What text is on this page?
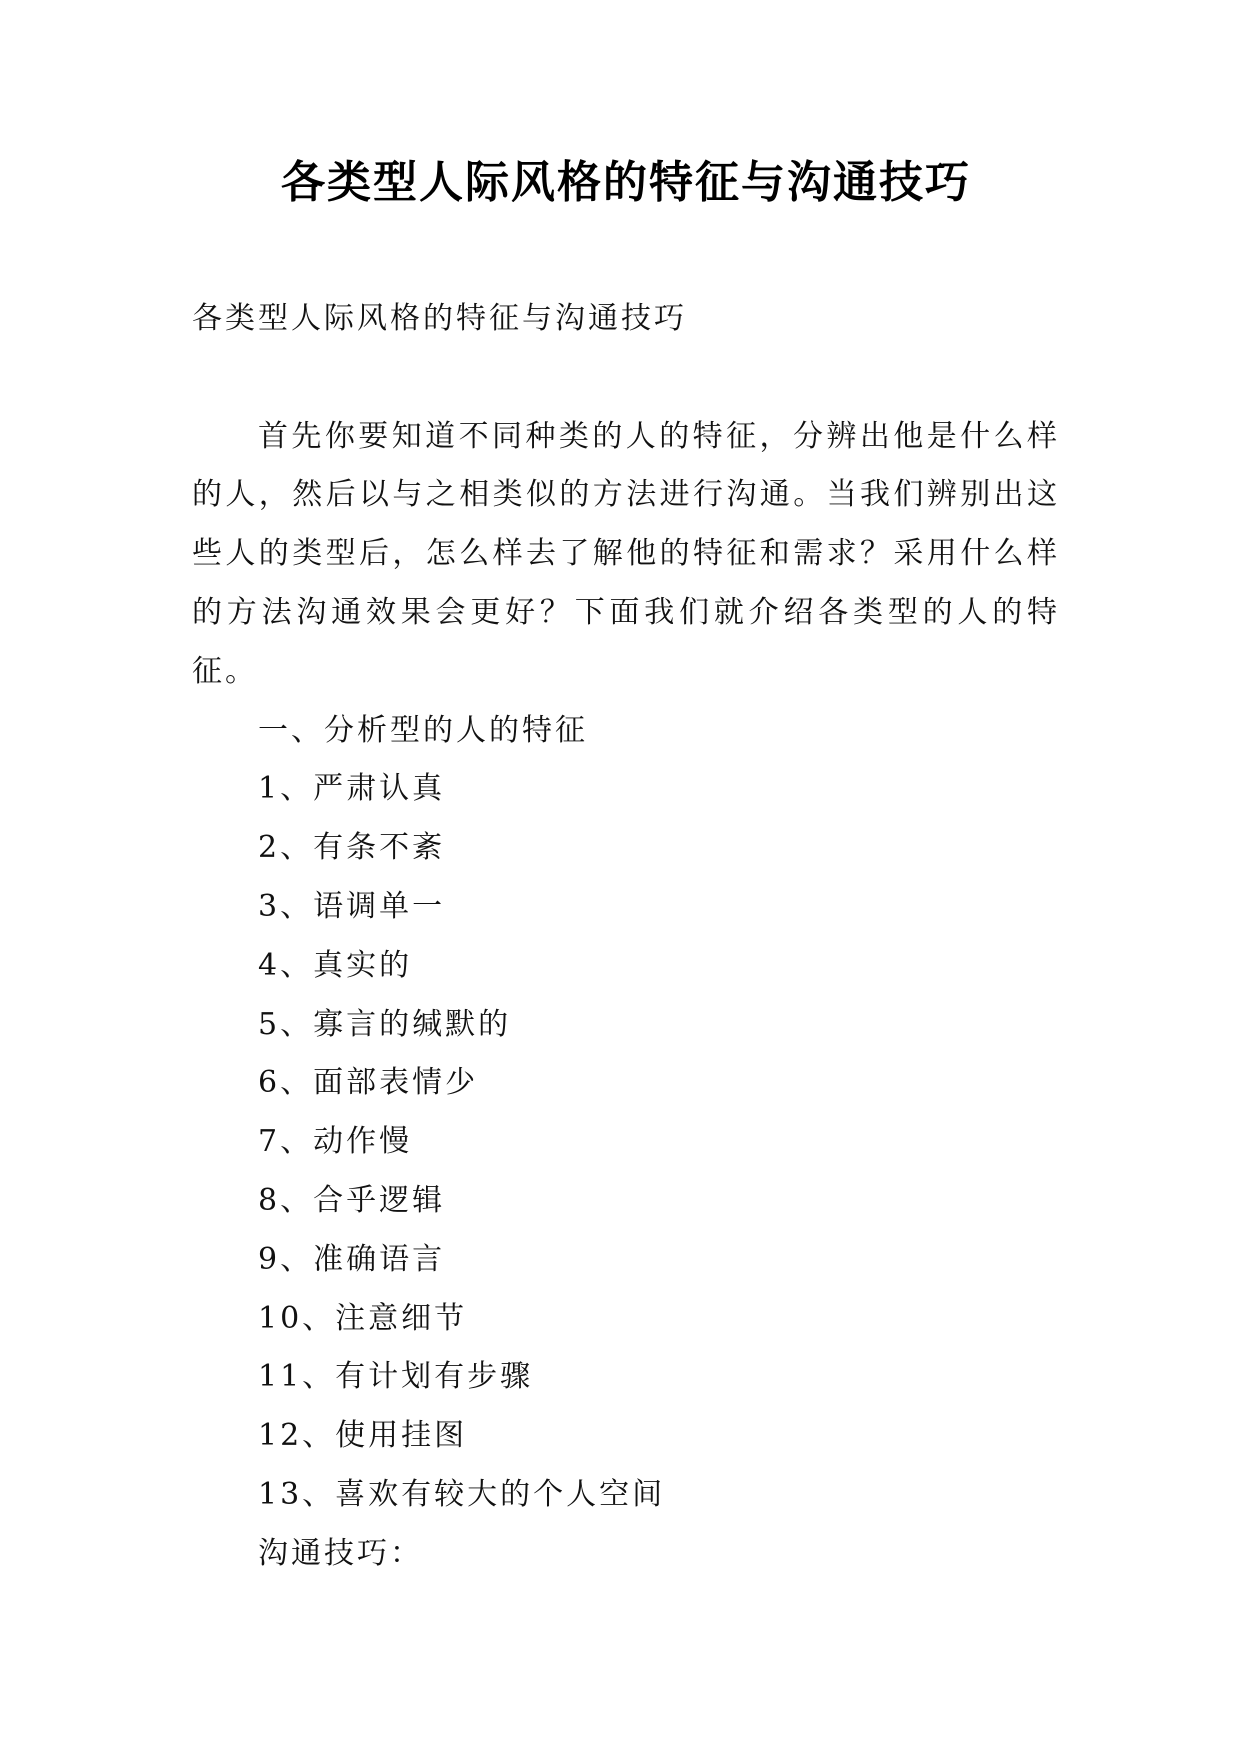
各类型人际风格的特征与沟通技巧
各类型人际风格的特征与沟通技巧
首先你要知道不同种类的人的特征，分辨出他是什么样
的人，然后以与之相类似的方法进行沟通。当我们辨别出这
些人的类型后，怎么样去了解他的特征和需求？采用什么样
的方法沟通效果会更好？下面我们就介绍各类型的人的特
征。
一、分析型的人的特征
1、严肃认真
2、有条不紊
3、语调单一
4、真实的
5、寡言的缄默的
6、面部表情少
7、动作慢
8、合乎逻辑
9、准确语言
10、注意细节
11、有计划有步骤
12、使用挂图
13、喜欢有较大的个人空间
沟通技巧：
